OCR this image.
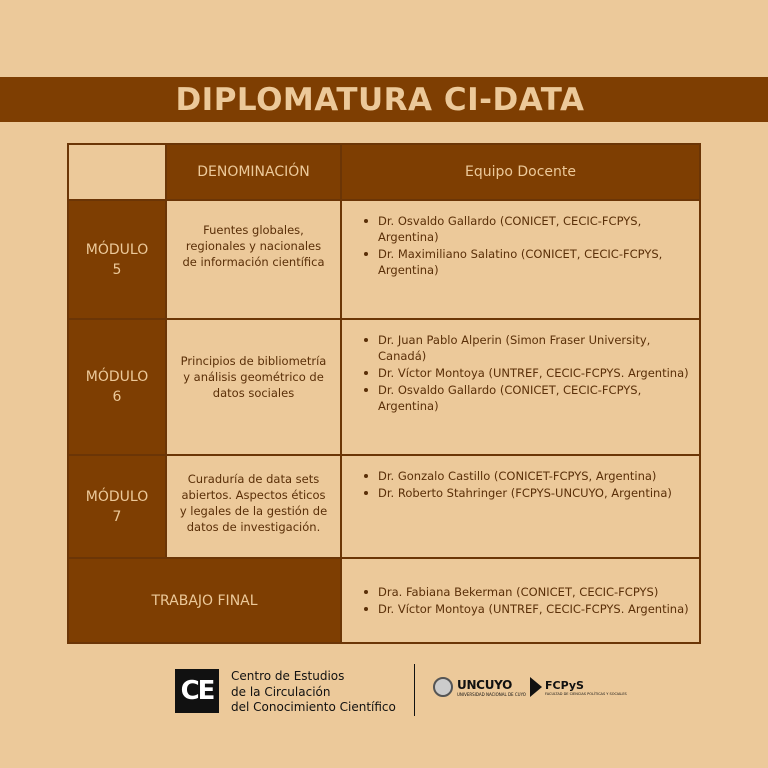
DIPLOMATURA CI-DATA
DENOMINACIÓN	Equipo Docente
MÓDULO
5
Fuentes globales, regionales y nacionales de información científica
Dr. Osvaldo Gallardo (CONICET, CECIC-FCPYS, Argentina)
Dr. Maximiliano Salatino (CONICET, CECIC-FCPYS, Argentina)
MÓDULO
6
Principios de bibliometría y análisis geométrico de datos sociales
Dr. Juan Pablo Alperin (Simon Fraser University, Canadá)
Dr. Víctor Montoya (UNTREF, CECIC-FCPYS. Argentina)
Dr. Osvaldo Gallardo (CONICET, CECIC-FCPYS, Argentina)
MÓDULO
7
Curaduría de data sets abiertos. Aspectos éticos y legales de la gestión de datos de investigación.
Dr. Gonzalo Castillo (CONICET-FCPYS, Argentina)
Dr. Roberto Stahringer (FCPYS-UNCUYO, Argentina)
TRABAJO FINAL
Dra. Fabiana Bekerman (CONICET, CECIC-FCPYS)
Dr. Víctor Montoya (UNTREF, CECIC-FCPYS. Argentina)
CE	Centro de Estudios
de la Circulación
del Conocimiento Científico
UNCUYO
UNIVERSIDAD NACIONAL DE CUYO
FCPyS
FACULTAD DE CIENCIAS POLÍTICAS Y SOCIALES
